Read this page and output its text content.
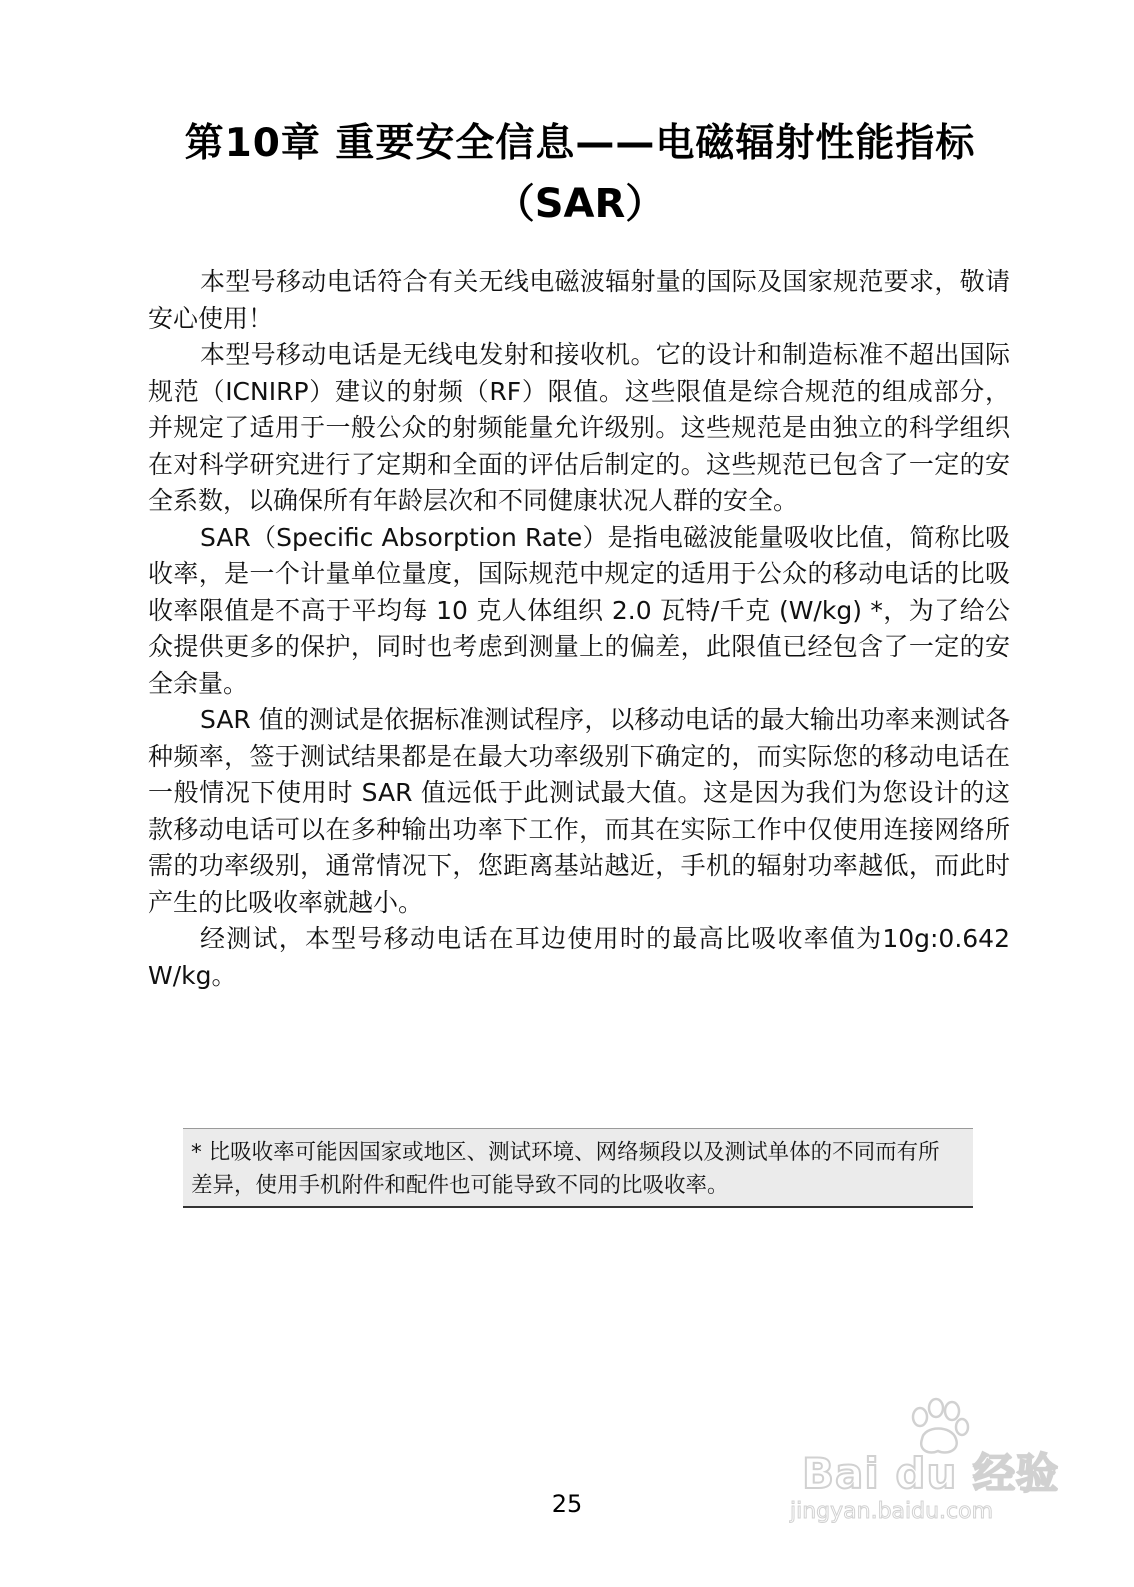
第10章 重要安全信息——电磁辐射性能指标
（SAR）

本型号移动电话符合有关无线电磁波辐射量的国际及国家规范要求，敬请安心使用！

本型号移动电话是无线电发射和接收机。它的设计和制造标准不超出国际规范（ICNIRP）建议的射频（RF）限值。这些限值是综合规范的组成部分，并规定了适用于一般公众的射频能量允许级别。这些规范是由独立的科学组织在对科学研究进行了定期和全面的评估后制定的。这些规范已包含了一定的安全系数，以确保所有年龄层次和不同健康状况人群的安全。

SAR（Specific Absorption Rate）是指电磁波能量吸收比值，简称比吸收率，是一个计量单位量度，国际规范中规定的适用于公众的移动电话的比吸收率限值是不高于平均每 10 克人体组织 2.0 瓦特/千克 (W/kg) *，为了给公众提供更多的保护，同时也考虑到测量上的偏差，此限值已经包含了一定的安全余量。

SAR 值的测试是依据标准测试程序，以移动电话的最大输出功率来测试各种频率，签于测试结果都是在最大功率级别下确定的，而实际您的移动电话在一般情况下使用时 SAR 值远低于此测试最大值。这是因为我们为您设计的这款移动电话可以在多种输出功率下工作，而其在实际工作中仅使用连接网络所需的功率级别，通常情况下，您距离基站越近，手机的辐射功率越低，而此时产生的比吸收率就越小。

经测试，本型号移动电话在耳边使用时的最高比吸收率值为10g:0.642W/kg。

* 比吸收率可能因国家或地区、测试环境、网络频段以及测试单体的不同而有所差异，使用手机附件和配件也可能导致不同的比吸收率。
25
Bai du 经验
jingyan.baidu.com
